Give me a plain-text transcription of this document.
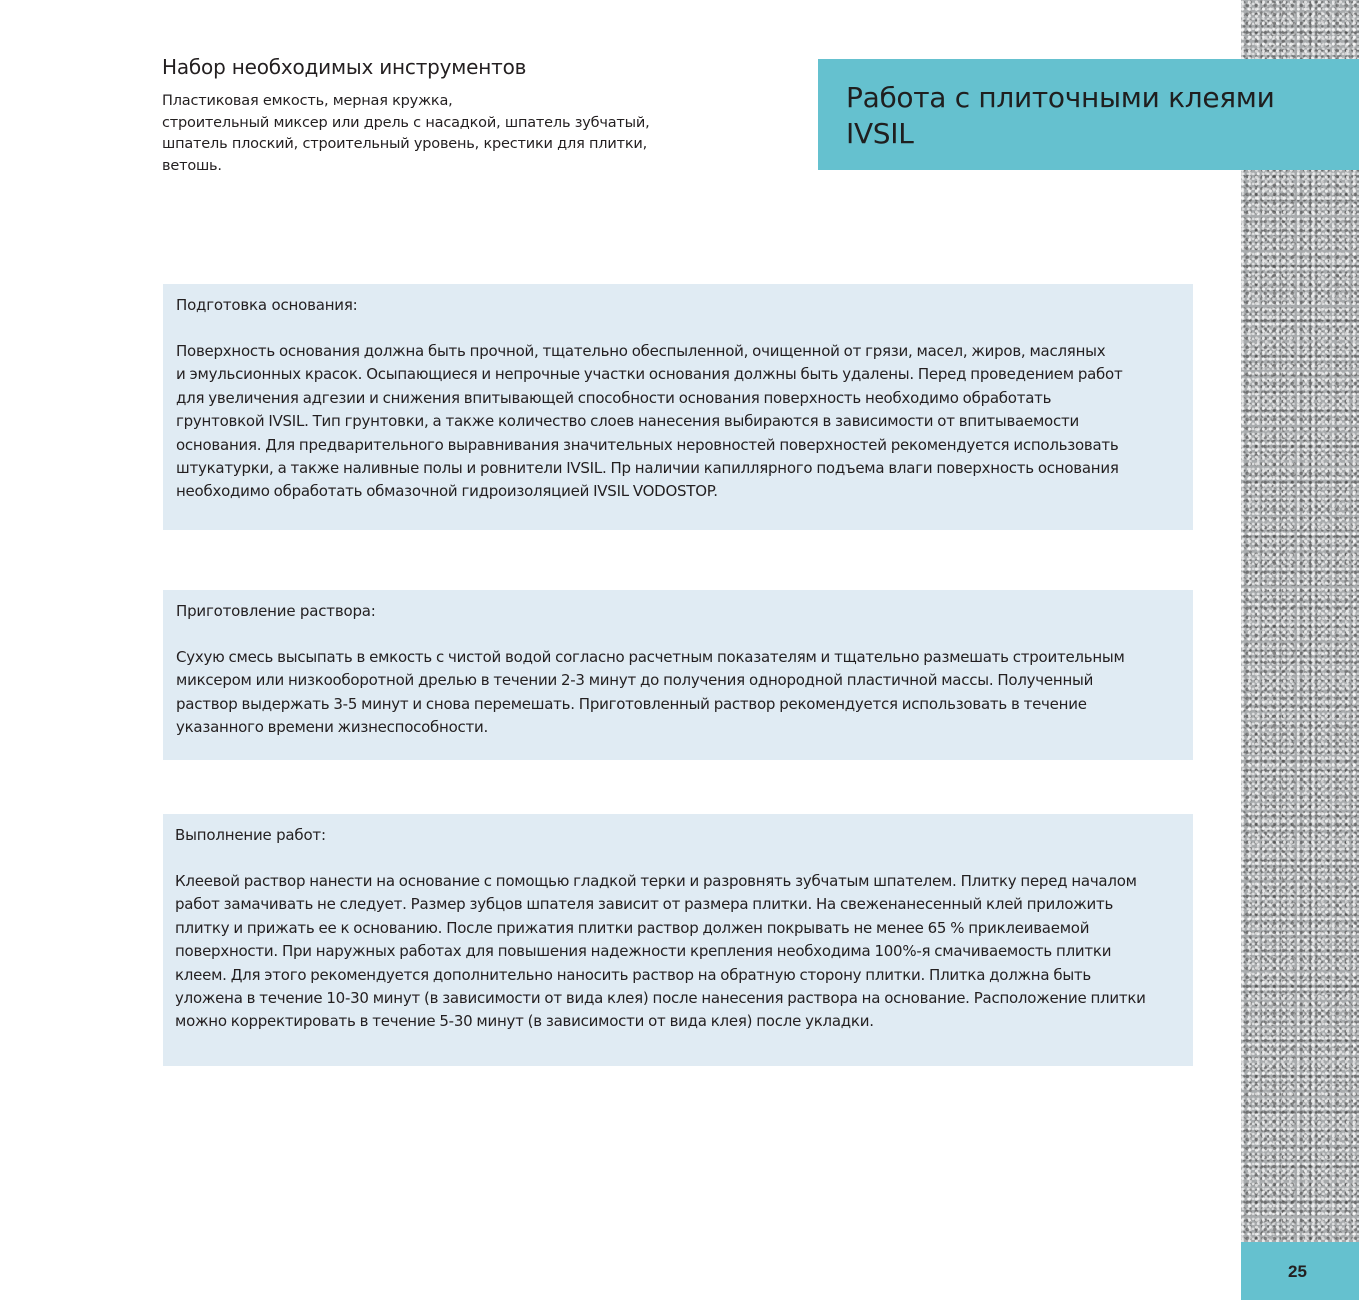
25
Набор необходимых инструментов
Пластиковая емкость, мерная кружка,
строительный миксер или дрель с насадкой, шпатель зубчатый,
шпатель плоский, строительный уровень, крестики для плитки,
ветошь.
Работа с плиточными клеями IVSIL
Подготовка основания:
Поверхность основания должна быть прочной, тщательно обеспыленной, очищенной от грязи, масел, жиров, масляных
и эмульсионных красок. Осыпающиеся и непрочные участки основания должны быть удалены. Перед проведением работ
для увеличения адгезии и снижения впитывающей способности основания поверхность необходимо обработать
грунтовкой IVSIL. Тип грунтовки, а также количество слоев нанесения выбираются в зависимости от впитываемости
основания. Для предварительного выравнивания значительных неровностей поверхностей рекомендуется использовать
штукатурки, а также наливные полы и ровнители IVSIL. Пр наличии капиллярного подъема влаги поверхность основания
необходимо обработать обмазочной гидроизоляцией IVSIL VODOSTOP.
Приготовление раствора:
Сухую смесь высыпать в емкость с чистой водой согласно расчетным показателям и тщательно размешать строительным
миксером или низкооборотной дрелью в течении 2-3 минут до получения однородной пластичной массы. Полученный
раствор выдержать 3-5 минут и снова перемешать. Приготовленный раствор рекомендуется использовать в течение
указанного времени жизнеспособности.
Выполнение работ:
Клеевой раствор нанести на основание с помощью гладкой терки и разровнять зубчатым шпателем. Плитку перед началом
работ замачивать не следует. Размер зубцов шпателя зависит от размера плитки. На свеженанесенный клей приложить
плитку и прижать ее к основанию. После прижатия плитки раствор должен покрывать не менее 65 % приклеиваемой
поверхности. При наружных работах для повышения надежности крепления необходима 100%-я смачиваемость плитки
клеем. Для этого рекомендуется дополнительно наносить раствор на обратную сторону плитки. Плитка должна быть
уложена в течение 10-30 минут (в зависимости от вида клея) после нанесения раствора на основание. Расположение плитки
можно корректировать в течение 5-30 минут (в зависимости от вида клея) после укладки.
